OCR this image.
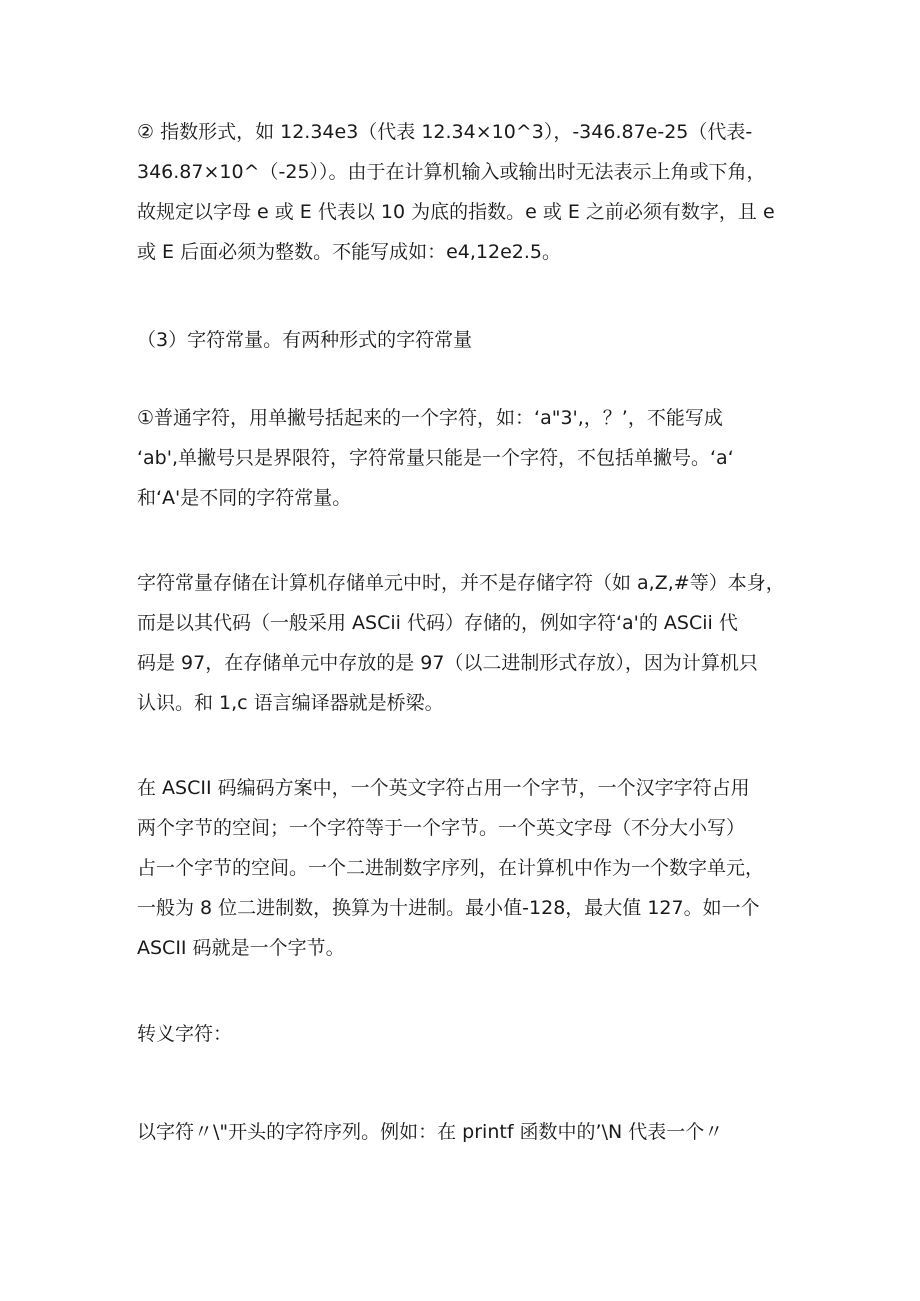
② 指数形式，如 12.34e3（代表 12.34×10^3），-346.87e-25（代表-
346.87×10^（-25））。由于在计算机输入或输出时无法表示上角或下角，
故规定以字母 e 或 E 代表以 10 为底的指数。e 或 E 之前必须有数字，且 e
或 E 后面必须为整数。不能写成如：e4,12e2.5。

（3）字符常量。有两种形式的字符常量

①普通字符，用单撇号括起来的一个字符，如：‘a"3',，？’，不能写成
‘ab',单撇号只是界限符，字符常量只能是一个字符，不包括单撇号。‘a‘
和‘A'是不同的字符常量。

字符常量存储在计算机存储单元中时，并不是存储字符（如 a,Z,#等）本身，
而是以其代码（一般采用 ASCii 代码）存储的，例如字符‘a'的 ASCii 代
码是 97，在存储单元中存放的是 97（以二进制形式存放），因为计算机只
认识。和 1,c 语言编译器就是桥梁。

在 ASCII 码编码方案中，一个英文字符占用一个字节，一个汉字字符占用
两个字节的空间；一个字符等于一个字节。一个英文字母（不分大小写）
占一个字节的空间。一个二进制数字序列，在计算机中作为一个数字单元，
一般为 8 位二进制数，换算为十进制。最小值-128，最大值 127。如一个
ASCII 码就是一个字节。

转义字符：

以字符〃\"开头的字符序列。例如：在 printf 函数中的’\N 代表一个〃
